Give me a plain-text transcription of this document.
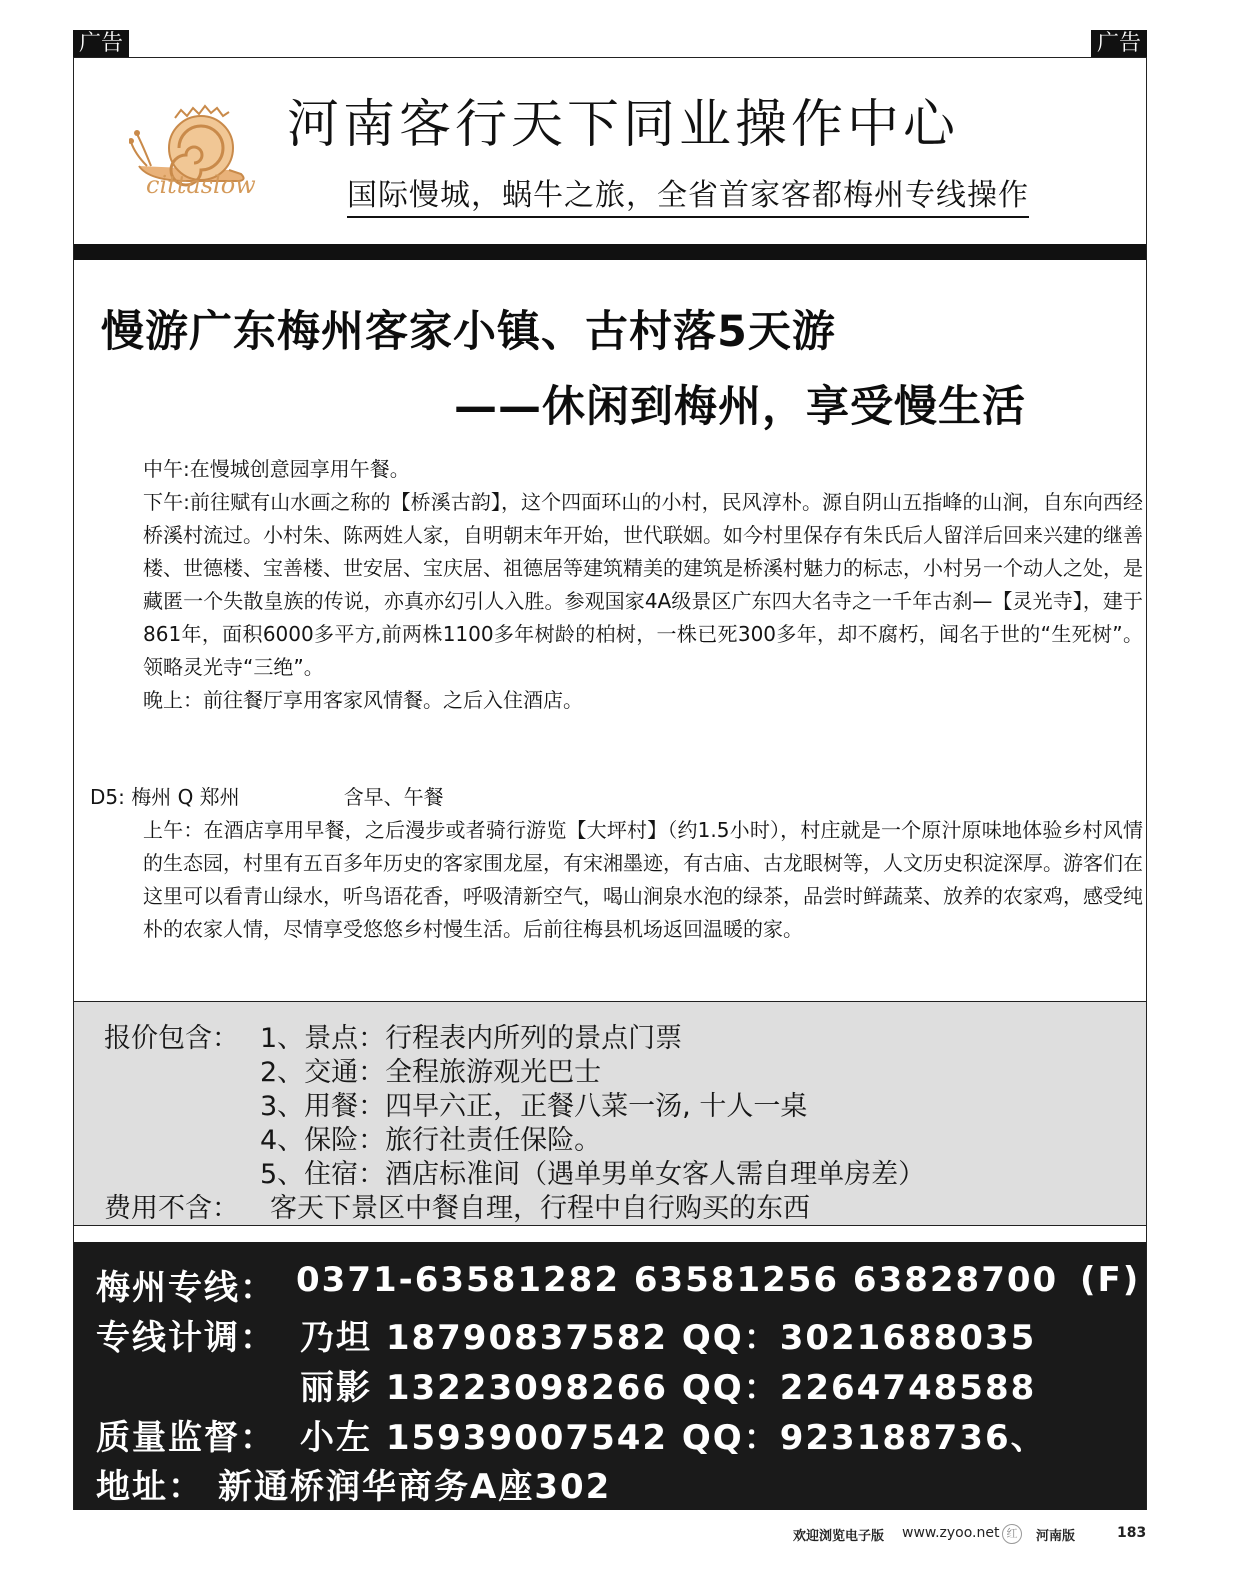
广告	广告
cittaslow
河南客行天下同业操作中心
国际慢城，蜗牛之旅，全省首家客都梅州专线操作
慢游广东梅州客家小镇、古村落5天游
——休闲到梅州，享受慢生活

中午:在慢城创意园享用午餐。

下午:前往赋有山水画之称的【桥溪古韵】，这个四面环山的小村，民风淳朴。源自阴山五指峰的山涧，自东向西经桥溪村流过。小村朱、陈两姓人家，自明朝末年开始，世代联姻。如今村里保存有朱氏后人留洋后回来兴建的继善楼、世德楼、宝善楼、世安居、宝庆居、祖德居等建筑精美的建筑是桥溪村魅力的标志，小村另一个动人之处，是藏匿一个失散皇族的传说，亦真亦幻引人入胜。参观国家4A级景区广东四大名寺之一千年古刹—【灵光寺】，建于861年，面积6000多平方,前两株1100多年树龄的柏树，一株已死300多年，却不腐朽，闻名于世的“生死树”。领略灵光寺“三绝”。

晚上：前往餐厅享用客家风情餐。之后入住酒店。

D5: 梅州 Q 郑州	含早、午餐

上午：在酒店享用早餐，之后漫步或者骑行游览【大坪村】（约1.5小时），村庄就是一个原汁原味地体验乡村风情的生态园，村里有五百多年历史的客家围龙屋，有宋湘墨迹，有古庙、古龙眼树等，人文历史积淀深厚。游客们在这里可以看青山绿水，听鸟语花香，呼吸清新空气，喝山涧泉水泡的绿茶，品尝时鲜蔬菜、放养的农家鸡，感受纯朴的农家人情，尽情享受悠悠乡村慢生活。后前往梅县机场返回温暖的家。

报价包含： 1、景点：行程表内所列的景点门票
2、交通：全程旅游观光巴士
3、用餐：四早六正，正餐八菜一汤, 十人一桌
4、保险：旅行社责任保险。
5、住宿：酒店标准间（遇单男单女客人需自理单房差）
费用不含： 客天下景区中餐自理，行程中自行购买的东西
梅州专线： 0371-63581282 63581256 63828700 (F)
专线计调： 乃坦 18790837582 QQ：3021688035
丽影 13223098266 QQ：2264748588
质量监督： 小左 15939007542 QQ：923188736、
地址： 新通桥润华商务A座302
欢迎浏览电子版 www.zyoo.net 红	河南版	183
